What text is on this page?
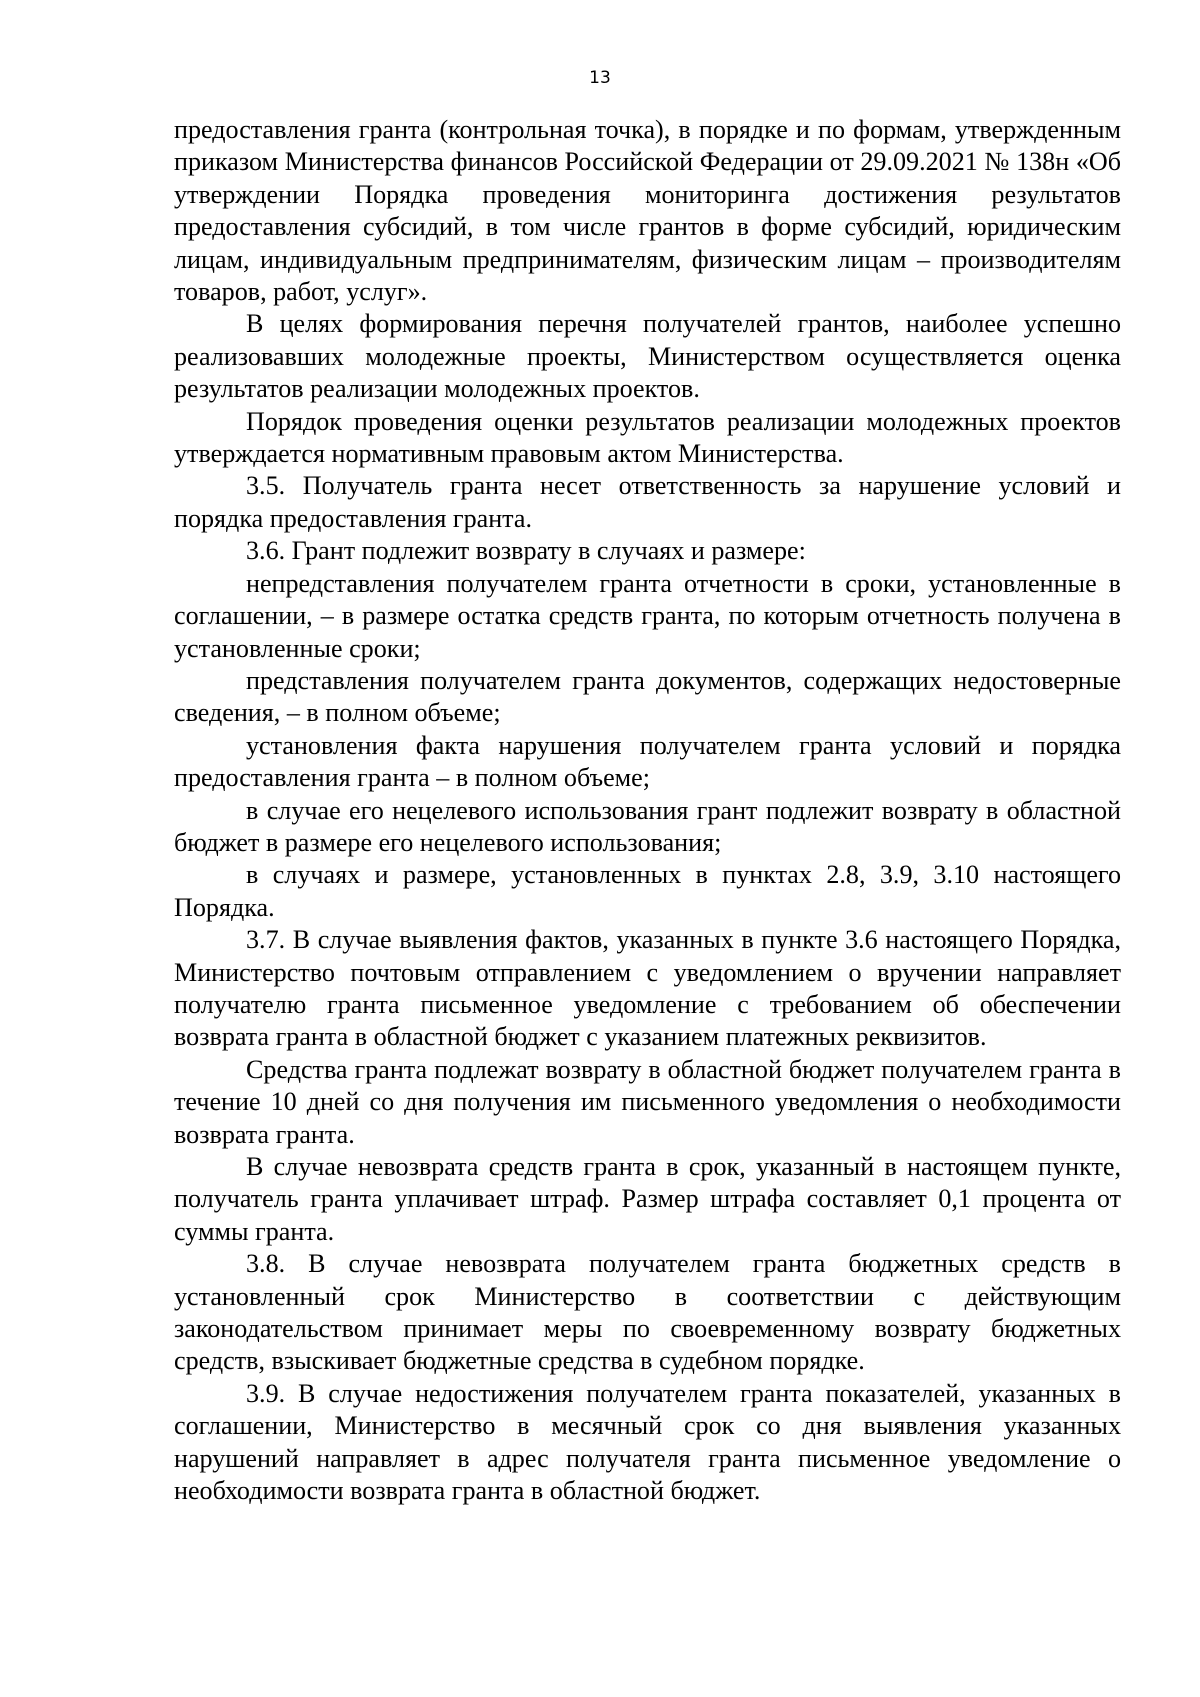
13

предоставления гранта (контрольная точка), в порядке и по формам, утвержденным приказом Министерства финансов Российской Федерации от 29.09.2021 № 138н «Об утверждении Порядка проведения мониторинга достижения результатов предоставления субсидий, в том числе грантов в форме субсидий, юридическим лицам, индивидуальным предпринимателям, физическим лицам – производителям товаров, работ, услуг».

В целях формирования перечня получателей грантов, наиболее успешно реализовавших молодежные проекты, Министерством осуществляется оценка результатов реализации молодежных проектов.

Порядок проведения оценки результатов реализации молодежных проектов утверждается нормативным правовым актом Министерства.

3.5. Получатель гранта несет ответственность за нарушение условий и порядка предоставления гранта.

3.6. Грант подлежит возврату в случаях и размере:

непредставления получателем гранта отчетности в сроки, установленные в соглашении, – в размере остатка средств гранта, по которым отчетность получена в установленные сроки;

представления получателем гранта документов, содержащих недостоверные сведения, – в полном объеме;

установления факта нарушения получателем гранта условий и порядка предоставления гранта – в полном объеме;

в случае его нецелевого использования грант подлежит возврату в областной бюджет в размере его нецелевого использования;

в случаях и размере, установленных в пунктах 2.8, 3.9, 3.10 настоящего Порядка.

3.7. В случае выявления фактов, указанных в пункте 3.6 настоящего Порядка, Министерство почтовым отправлением с уведомлением о вручении направляет получателю гранта письменное уведомление с требованием об обеспечении возврата гранта в областной бюджет с указанием платежных реквизитов.

Средства гранта подлежат возврату в областной бюджет получателем гранта в течение 10 дней со дня получения им письменного уведомления о необходимости возврата гранта.

В случае невозврата средств гранта в срок, указанный в настоящем пункте, получатель гранта уплачивает штраф. Размер штрафа составляет 0,1 процента от суммы гранта.

3.8. В случае невозврата получателем гранта бюджетных средств в установленный срок Министерство в соответствии с действующим законодательством принимает меры по своевременному возврату бюджетных средств, взыскивает бюджетные средства в судебном порядке.

3.9. В случае недостижения получателем гранта показателей, указанных в соглашении, Министерство в месячный срок со дня выявления указанных нарушений направляет в адрес получателя гранта письменное уведомление о необходимости возврата гранта в областной бюджет.
